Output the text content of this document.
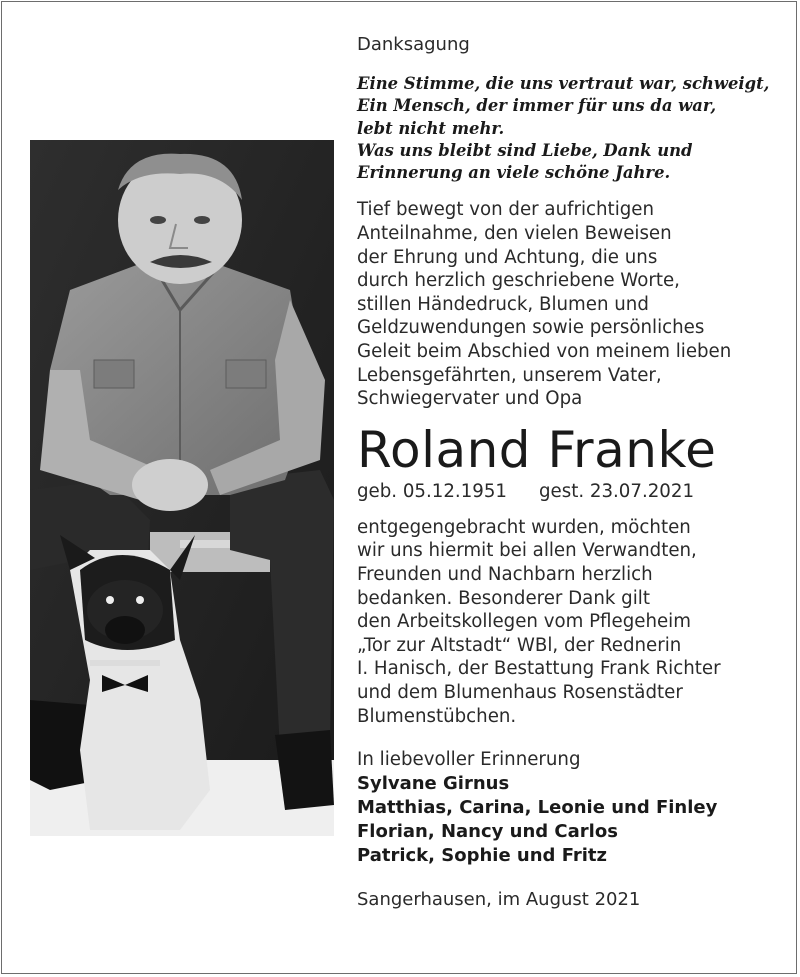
Danksagung
Eine Stimme, die uns vertraut war, schweigt,
Ein Mensch, der immer für uns da war,
lebt nicht mehr.
Was uns bleibt sind Liebe, Dank und
Erinnerung an viele schöne Jahre.
Tief bewegt von der aufrichtigen
Anteilnahme, den vielen Beweisen
der Ehrung und Achtung, die uns
durch herzlich geschriebene Worte,
stillen Händedruck, Blumen und
Geldzuwendungen sowie persönliches
Geleit beim Abschied von meinem lieben
Lebensgefährten, unserem Vater,
Schwiegervater und Opa
Roland Franke
geb. 05.12.1951 gest. 23.07.2021
entgegengebracht wurden, möchten
wir uns hiermit bei allen Verwandten,
Freunden und Nachbarn herzlich
bedanken. Besonderer Dank gilt
den Arbeitskollegen vom Pflegeheim
„Tor zur Altstadt“ WBl, der Rednerin
I. Hanisch, der Bestattung Frank Richter
und dem Blumenhaus Rosenstädter
Blumenstübchen.
In liebevoller Erinnerung
Sylvane Girnus
Matthias, Carina, Leonie und Finley
Florian, Nancy und Carlos
Patrick, Sophie und Fritz
Sangerhausen, im August 2021
